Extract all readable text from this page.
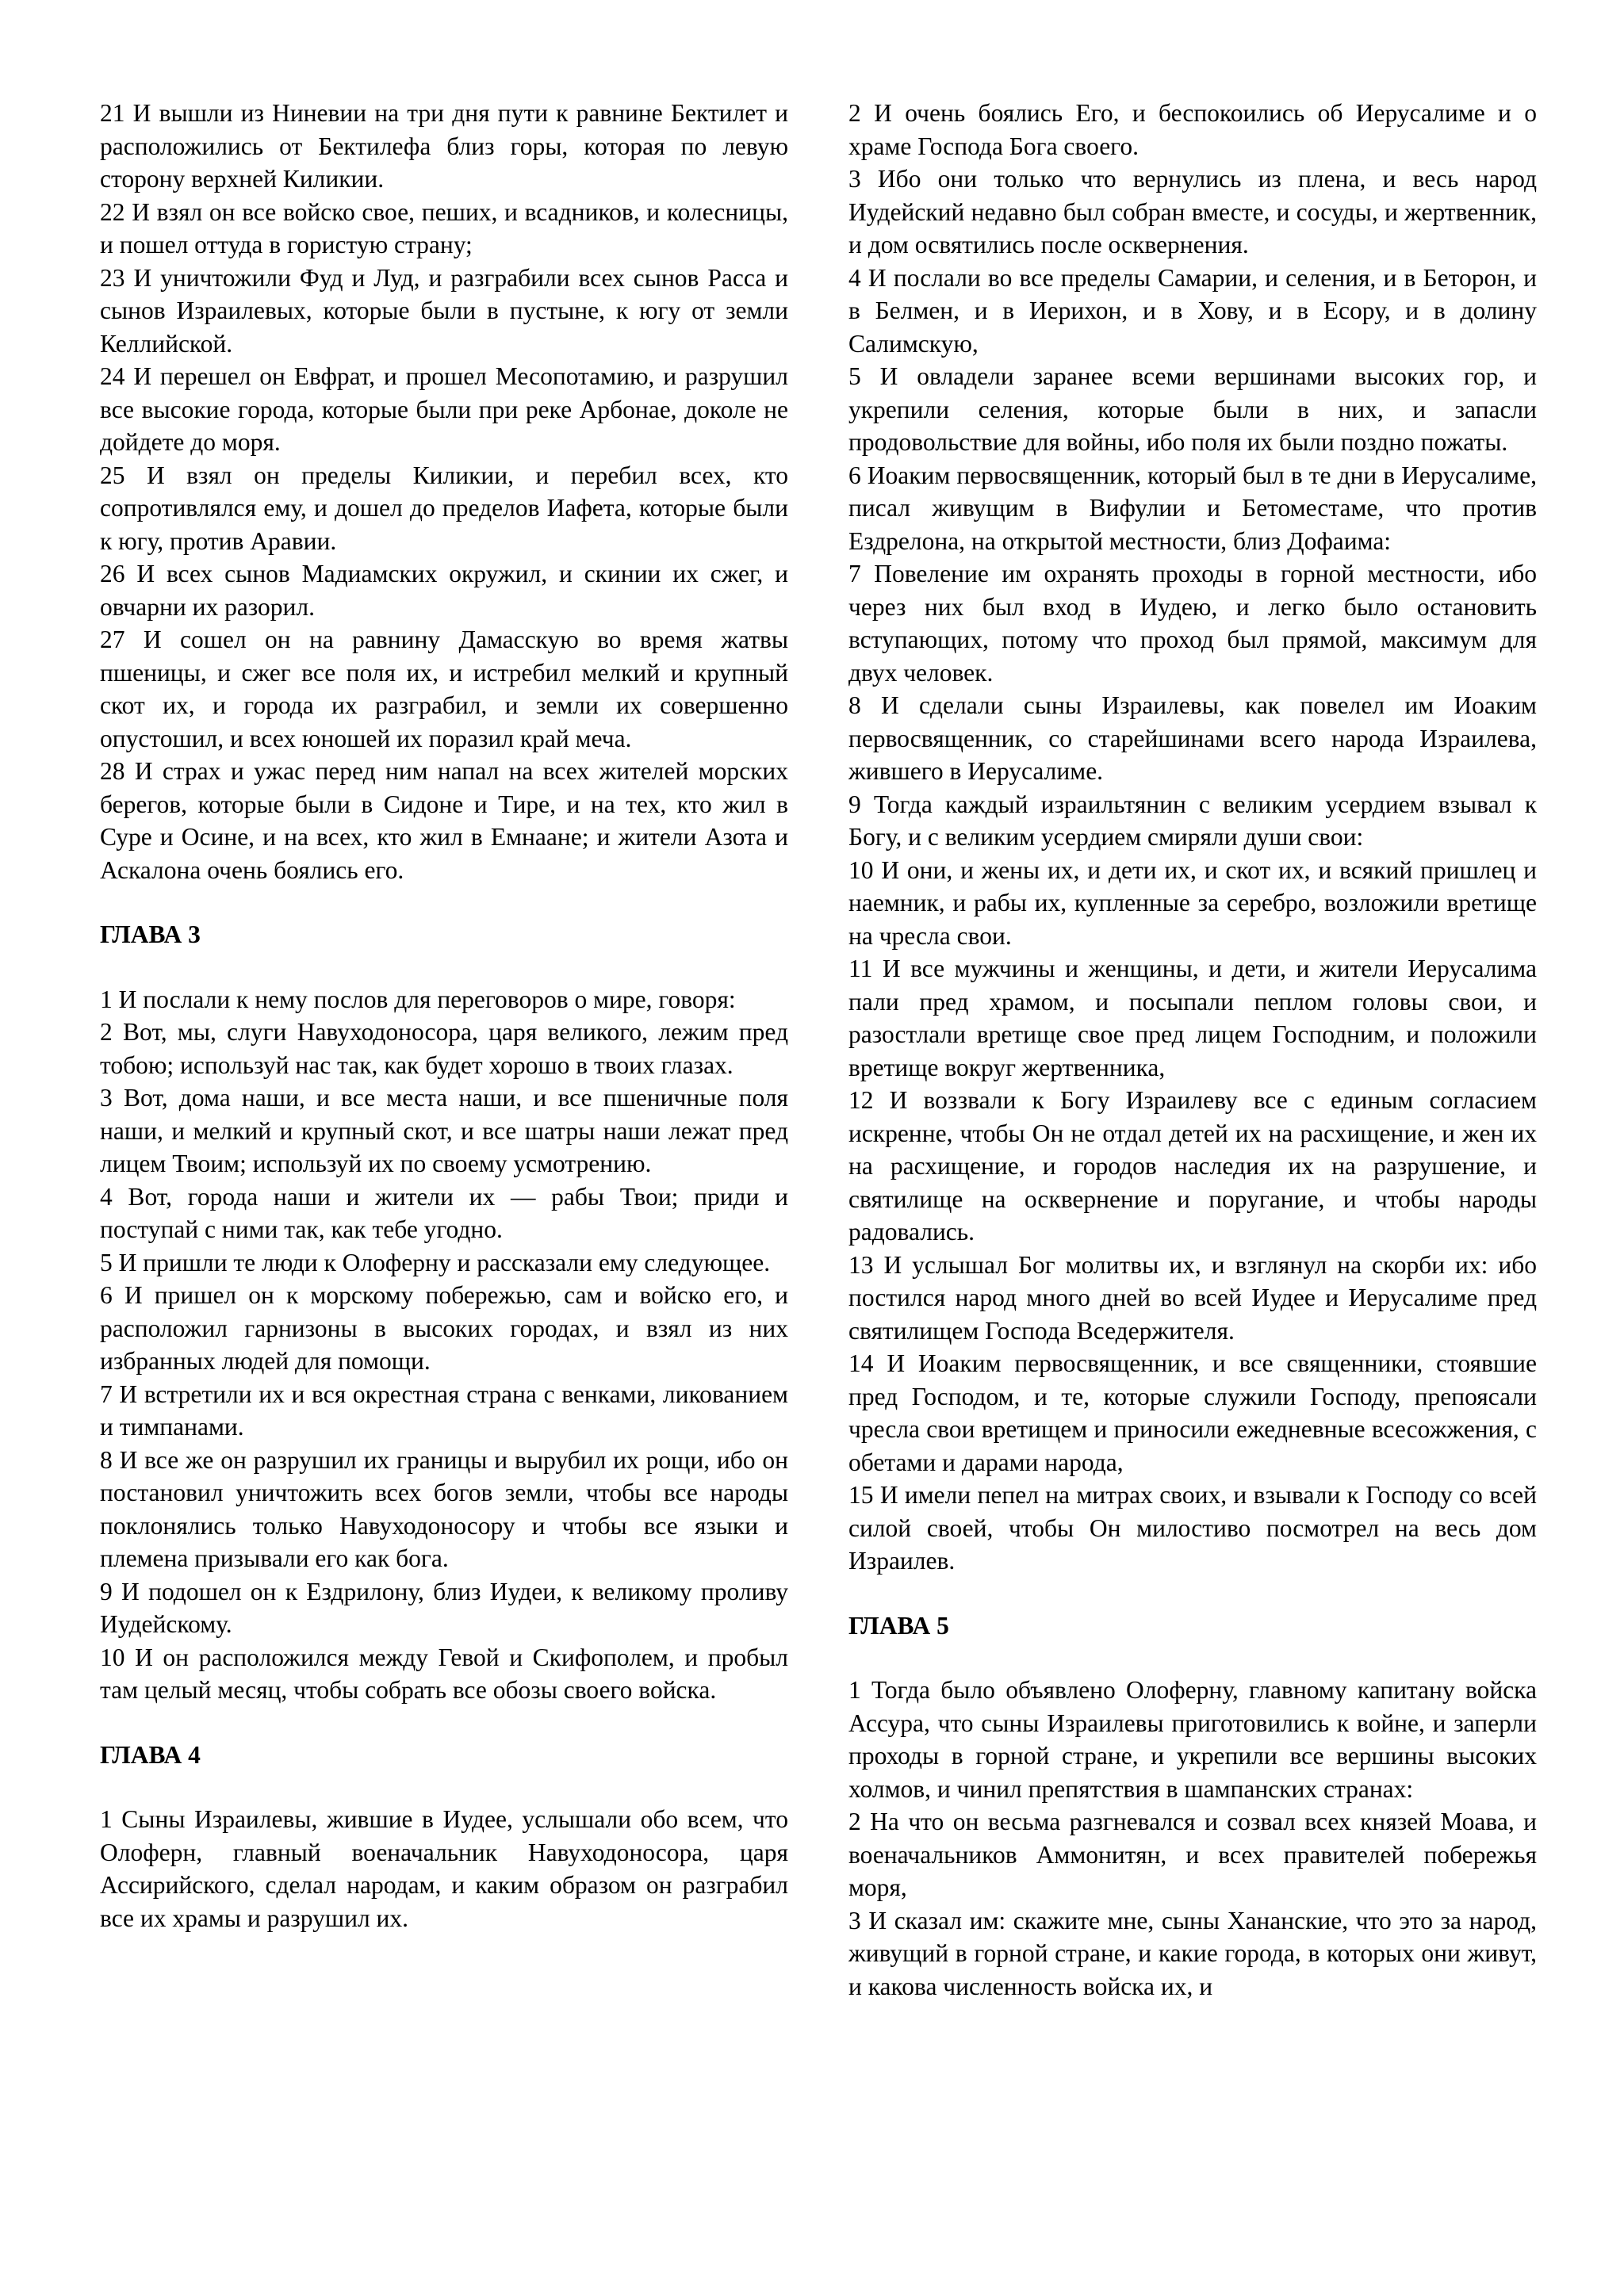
21 И вышли из Ниневии на три дня пути к равнине Бектилет и расположились от Бектилефа близ горы, которая по левую сторону верхней Киликии.

22 И взял он все войско свое, пеших, и всадников, и колесницы, и пошел оттуда в гористую страну;

23 И уничтожили Фуд и Луд, и разграбили всех сынов Расса и сынов Израилевых, которые были в пустыне, к югу от земли Келлийской.

24 И перешел он Евфрат, и прошел Месопотамию, и разрушил все высокие города, которые были при реке Арбонае, доколе не дойдете до моря.

25 И взял он пределы Киликии, и перебил всех, кто сопротивлялся ему, и дошел до пределов Иафета, которые были к югу, против Аравии.

26 И всех сынов Мадиамских окружил, и скинии их сжег, и овчарни их разорил.

27 И сошел он на равнину Дамасскую во время жатвы пшеницы, и сжег все поля их, и истребил мелкий и крупный скот их, и города их разграбил, и земли их совершенно опустошил, и всех юношей их поразил край меча.

28 И страх и ужас перед ним напал на всех жителей морских берегов, которые были в Сидоне и Тире, и на тех, кто жил в Суре и Осине, и на всех, кто жил в Емнаане; и жители Азота и Аскалона очень боялись его.

ГЛАВА 3

1 И послали к нему послов для переговоров о мире, говоря:

2 Вот, мы, слуги Навуходоносора, царя великого, лежим пред тобою; используй нас так, как будет хорошо в твоих глазах.

3 Вот, дома наши, и все места наши, и все пшеничные поля наши, и мелкий и крупный скот, и все шатры наши лежат пред лицем Твоим; используй их по своему усмотрению.

4 Вот, города наши и жители их — рабы Твои; приди и поступай с ними так, как тебе угодно.

5 И пришли те люди к Олоферну и рассказали ему следующее.

6 И пришел он к морскому побережью, сам и войско его, и расположил гарнизоны в высоких городах, и взял из них избранных людей для помощи.

7 И встретили их и вся окрестная страна с венками, ликованием и тимпанами.

8 И все же он разрушил их границы и вырубил их рощи, ибо он постановил уничтожить всех богов земли, чтобы все народы поклонялись только Навуходоносору и чтобы все языки и племена призывали его как бога.

9 И подошел он к Ездрилону, близ Иудеи, к великому проливу Иудейскому.

10 И он расположился между Гевой и Скифополем, и пробыл там целый месяц, чтобы собрать все обозы своего войска.

ГЛАВА 4

1 Сыны Израилевы, жившие в Иудее, услышали обо всем, что Олоферн, главный военачальник Навуходоносора, царя Ассирийского, сделал народам, и каким образом он разграбил все их храмы и разрушил их.

2 И очень боялись Его, и беспокоились об Иерусалиме и о храме Господа Бога своего.

3 Ибо они только что вернулись из плена, и весь народ Иудейский недавно был собран вместе, и сосуды, и жертвенник, и дом освятились после осквернения.

4 И послали во все пределы Самарии, и селения, и в Беторон, и в Белмен, и в Иерихон, и в Хову, и в Есору, и в долину Салимскую,

5 И овладели заранее всеми вершинами высоких гор, и укрепили селения, которые были в них, и запасли продовольствие для войны, ибо поля их были поздно пожаты.

6 Иоаким первосвященник, который был в те дни в Иерусалиме, писал живущим в Вифулии и Бетоместаме, что против Ездрелона, на открытой местности, близ Дофаима:

7 Повеление им охранять проходы в горной местности, ибо через них был вход в Иудею, и легко было остановить вступающих, потому что проход был прямой, максимум для двух человек.

8 И сделали сыны Израилевы, как повелел им Иоаким первосвященник, со старейшинами всего народа Израилева, жившего в Иерусалиме.

9 Тогда каждый израильтянин с великим усердием взывал к Богу, и с великим усердием смиряли души свои:

10 И они, и жены их, и дети их, и скот их, и всякий пришлец и наемник, и рабы их, купленные за серебро, возложили вретище на чресла свои.

11 И все мужчины и женщины, и дети, и жители Иерусалима пали пред храмом, и посыпали пеплом головы свои, и разостлали вретище свое пред лицем Господним, и положили вретище вокруг жертвенника,

12 И воззвали к Богу Израилеву все с единым согласием искренне, чтобы Он не отдал детей их на расхищение, и жен их на расхищение, и городов наследия их на разрушение, и святилище на осквернение и поругание, и чтобы народы радовались.

13 И услышал Бог молитвы их, и взглянул на скорби их: ибо постился народ много дней во всей Иудее и Иерусалиме пред святилищем Господа Вседержителя.

14 И Иоаким первосвященник, и все священники, стоявшие пред Господом, и те, которые служили Господу, препоясали чресла свои вретищем и приносили ежедневные всесожжения, с обетами и дарами народа,

15 И имели пепел на митрах своих, и взывали к Господу со всей силой своей, чтобы Он милостиво посмотрел на весь дом Израилев.

ГЛАВА 5

1 Тогда было объявлено Олоферну, главному капитану войска Ассура, что сыны Израилевы приготовились к войне, и заперли проходы в горной стране, и укрепили все вершины высоких холмов, и чинил препятствия в шампанских странах:

2 На что он весьма разгневался и созвал всех князей Моава, и военачальников Аммонитян, и всех правителей побережья моря,

3 И сказал им: скажите мне, сыны Хананские, что это за народ, живущий в горной стране, и какие города, в которых они живут, и какова численность войска их, и
